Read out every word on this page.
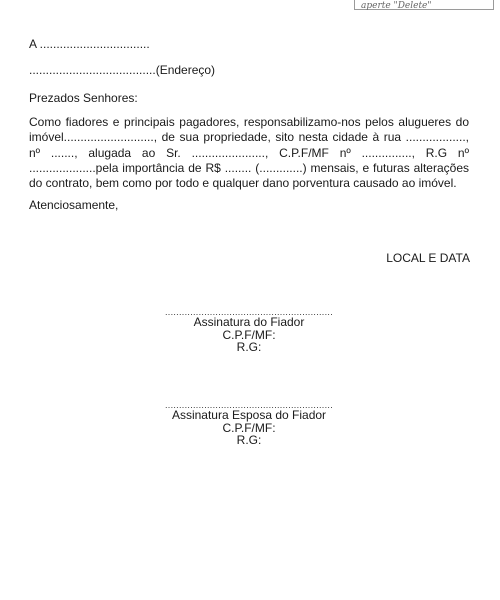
aperte "Delete"
A .................................
......................................(Endereço)
Prezados Senhores:
Como fiadores e principais pagadores, responsabilizamo-nos pelos alugueres do imóvel..........................., de sua propriedade, sito nesta cidade à rua .................., nº ......., alugada ao Sr. ......................, C.P.F/MF nº ..............., R.G nº ....................pela importância de R$ ........ (.............) mensais, e futuras alterações do contrato, bem como por todo e qualquer dano porventura causado ao imóvel.
Atenciosamente,
LOCAL E DATA
............................................................
Assinatura do Fiador
C.P.F/MF:
R.G:
............................................................
Assinatura Esposa do Fiador
C.P.F/MF:
R.G:
